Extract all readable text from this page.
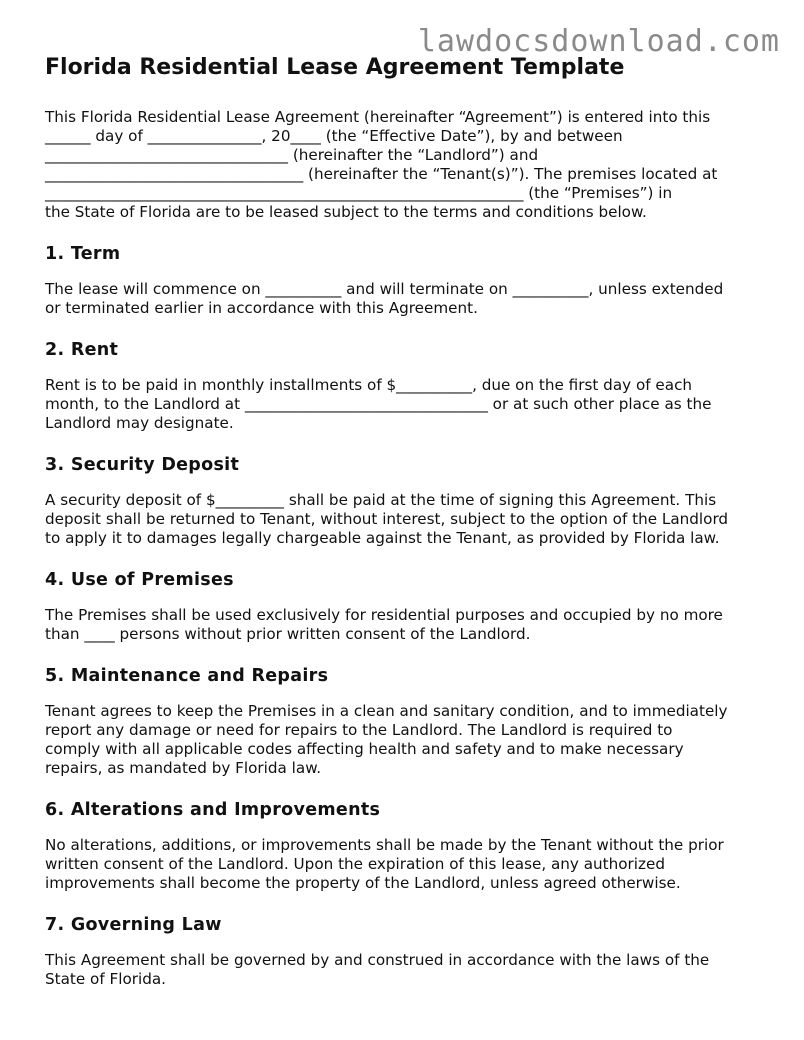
lawdocsdownload.com
Florida Residential Lease Agreement Template

This Florida Residential Lease Agreement (hereinafter “Agreement”) is entered into this
______ day of _______________, 20____ (the “Effective Date”), by and between
________________________________ (hereinafter the “Landlord”) and
__________________________________ (hereinafter the “Tenant(s)”). The premises located at
_______________________________________________________________ (the “Premises”) in
the State of Florida are to be leased subject to the terms and conditions below.

1. Term

The lease will commence on __________ and will terminate on __________, unless extended
or terminated earlier in accordance with this Agreement.

2. Rent

Rent is to be paid in monthly installments of $__________, due on the first day of each
month, to the Landlord at ________________________________ or at such other place as the
Landlord may designate.

3. Security Deposit

A security deposit of $_________ shall be paid at the time of signing this Agreement. This
deposit shall be returned to Tenant, without interest, subject to the option of the Landlord
to apply it to damages legally chargeable against the Tenant, as provided by Florida law.

4. Use of Premises

The Premises shall be used exclusively for residential purposes and occupied by no more
than ____ persons without prior written consent of the Landlord.

5. Maintenance and Repairs

Tenant agrees to keep the Premises in a clean and sanitary condition, and to immediately
report any damage or need for repairs to the Landlord. The Landlord is required to
comply with all applicable codes affecting health and safety and to make necessary
repairs, as mandated by Florida law.

6. Alterations and Improvements

No alterations, additions, or improvements shall be made by the Tenant without the prior
written consent of the Landlord. Upon the expiration of this lease, any authorized
improvements shall become the property of the Landlord, unless agreed otherwise.

7. Governing Law

This Agreement shall be governed by and construed in accordance with the laws of the
State of Florida.
